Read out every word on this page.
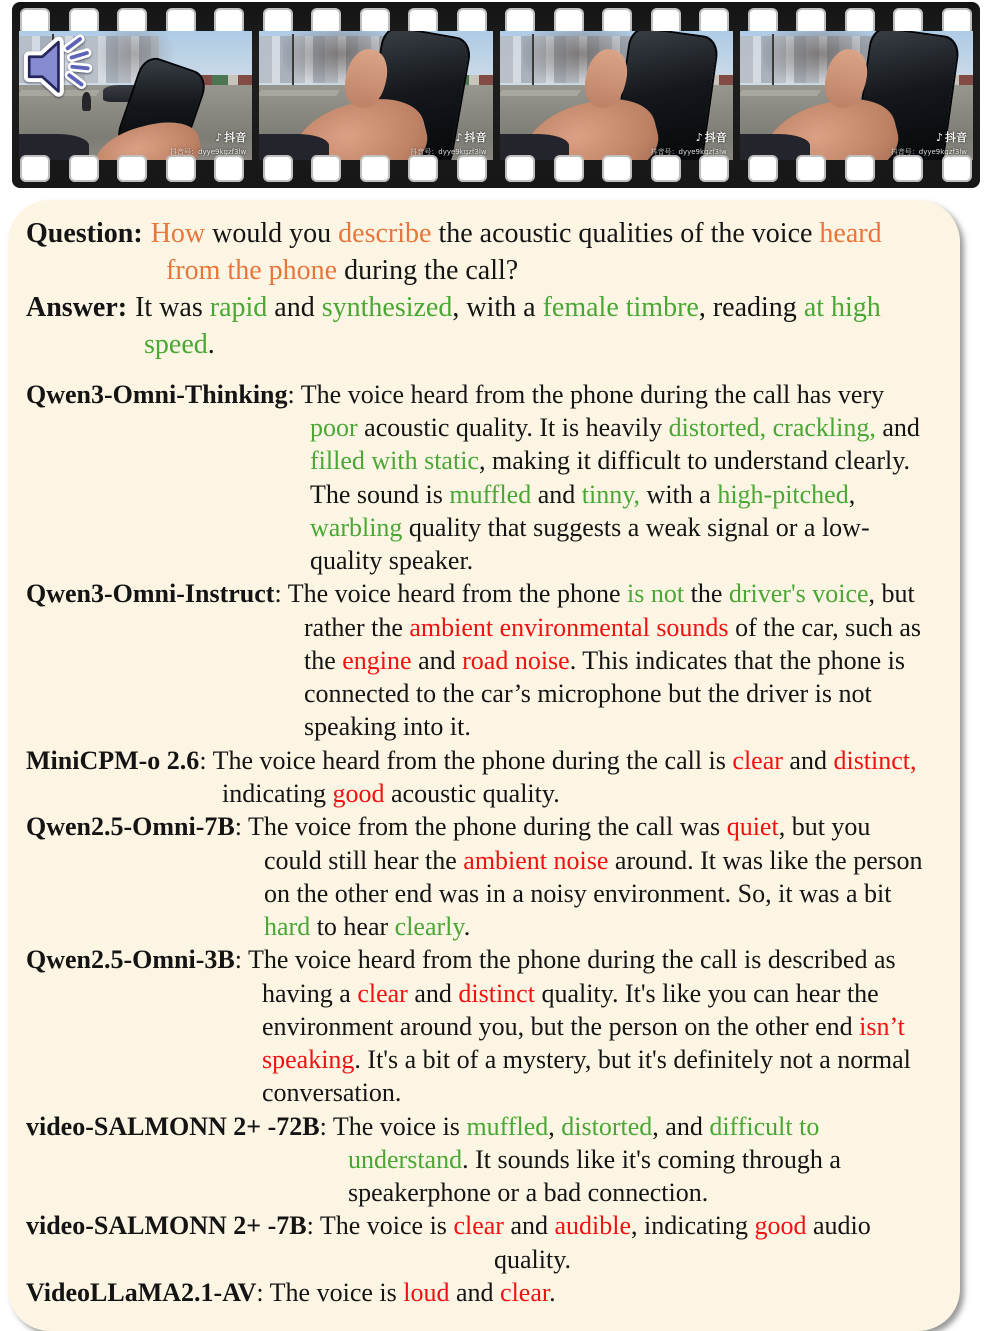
♪ 抖音
抖音号：dyye9kgzf3lw
♪ 抖音
抖音号：dyye9kgzf3lw
♪ 抖音
抖音号：dyye9kgzf3lw
♪ 抖音
抖音号：dyye9kgzf3lw

Question: How would you describe the acoustic qualities of the voice heard from the phone during the call?

Answer: It was rapid and synthesized, with a female timbre, reading at high speed.

Qwen3-Omni-Thinking: The voice heard from the phone during the call has very poor acoustic quality. It is heavily distorted, crackling, and filled with static, making it difficult to understand clearly. The sound is muffled and tinny, with a high-pitched, warbling quality that suggests a weak signal or a low-quality speaker.

Qwen3-Omni-Instruct: The voice heard from the phone is not the driver's voice, but rather the ambient environmental sounds of the car, such as the engine and road noise. This indicates that the phone is connected to the car’s microphone but the driver is not speaking into it.

MiniCPM-o 2.6: The voice heard from the phone during the call is clear and distinct, indicating good acoustic quality.

Qwen2.5-Omni-7B: The voice from the phone during the call was quiet, but you could still hear the ambient noise around. It was like the person on the other end was in a noisy environment. So, it was a bit hard to hear clearly.

Qwen2.5-Omni-3B: The voice heard from the phone during the call is described as having a clear and distinct quality. It's like you can hear the environment around you, but the person on the other end isn’t speaking. It's a bit of a mystery, but it's definitely not a normal conversation.

video-SALMONN 2+ -72B: The voice is muffled, distorted, and difficult to understand. It sounds like it's coming through a speakerphone or a bad connection.

video-SALMONN 2+ -7B: The voice is clear and audible, indicating good audio quality.

VideoLLaMA2.1-AV: The voice is loud and clear.
